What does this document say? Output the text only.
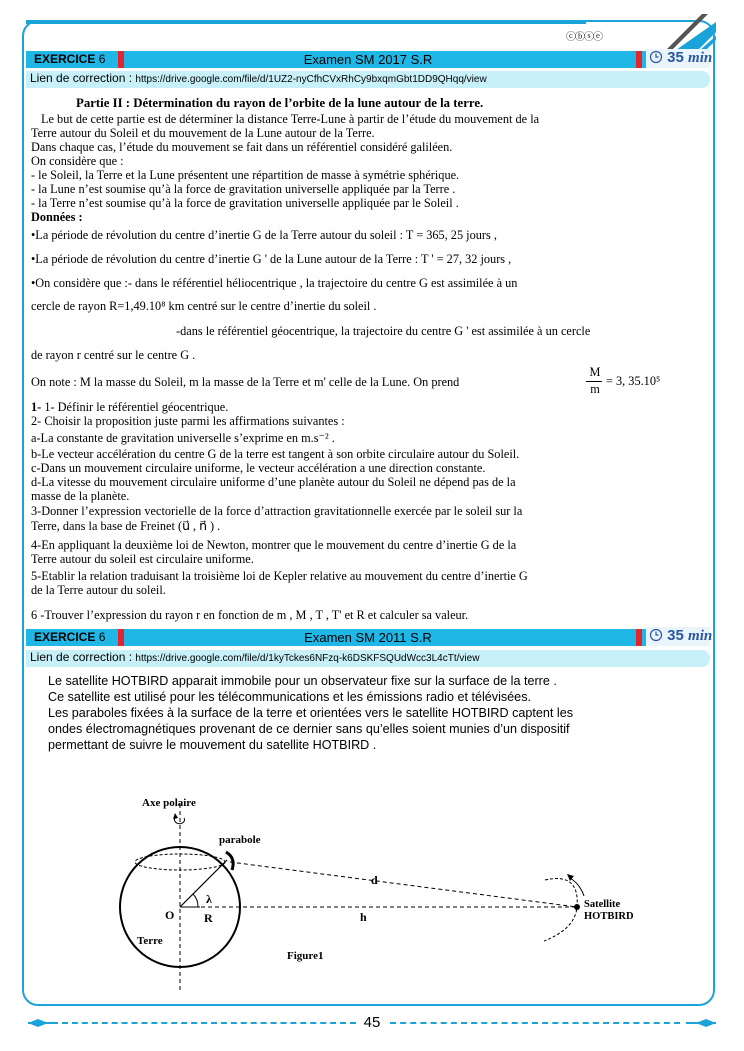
ⓒⓑⓢⓔ
EXERCICE 6	Examen SM 2017 S.R	35 min
Lien de correction : https://drive.google.com/file/d/1UZ2-nyCfhCVxRhCy9bxqmGbt1DD9QHqq/view
Partie II : Détermination du rayon de l’orbite de la lune autour de la terre.
Le but de cette partie est de déterminer la distance Terre-Lune à partir de l’étude du mouvement de la
Terre autour du Soleil et du mouvement de la Lune autour de la Terre.
Dans chaque cas, l’étude du mouvement se fait dans un référentiel considéré galiléen.
On considère que :
- le Soleil, la Terre et la Lune présentent une répartition de masse à symétrie sphérique.
- la Lune n’est soumise qu’à la force de gravitation universelle appliquée par la Terre .
- la Terre n’est soumise qu’à la force de gravitation universelle appliquée par le Soleil .
Données :
•La période de révolution du centre d’inertie G de la Terre autour du soleil : T = 365, 25 jours ,
•La période de révolution du centre d’inertie G ' de la Lune autour de la Terre : T ' = 27, 32 jours ,
•On considère que :- dans le référentiel héliocentrique , la trajectoire du centre G est assimilée à un
cercle de rayon R=1,49.10⁸ km centré sur le centre d’inertie du soleil .
-dans le référentiel géocentrique, la trajectoire du centre G ' est assimilée à un cercle
de rayon r centré sur le centre G .
On note : M la masse du Soleil, m la masse de la Terre et m' celle de la Lune. On prend
M
m
= 3, 35.10⁵
1- 1- Définir le référentiel géocentrique.
2- Choisir la proposition juste parmi les affirmations suivantes :
a-La constante de gravitation universelle s’exprime en m.s⁻² .
b-Le vecteur accélération du centre G de la terre est tangent à son orbite circulaire autour du Soleil.
c-Dans un mouvement circulaire uniforme, le vecteur accélération a une direction constante.
d-La vitesse du mouvement circulaire uniforme d’une planète autour du Soleil ne dépend pas de la
masse de la planète.
3-Donner l’expression vectorielle de la force d’attraction gravitationnelle exercée par le soleil sur la
Terre, dans la base de Freinet (u⃗ , n⃗ ) .
4-En appliquant la deuxième loi de Newton, montrer que le mouvement du centre d’inertie G de la
Terre autour du soleil est circulaire uniforme.
5-Etablir la relation traduisant la troisième loi de Kepler relative au mouvement du centre d’inertie G
de la Terre autour du soleil.
6 -Trouver l’expression du rayon r en fonction de m , M , T , T' et R et calculer sa valeur.
EXERCICE 6	Examen SM 2011 S.R	35 min
Lien de correction : https://drive.google.com/file/d/1kyTckes6NFzq-k6DSKFSQUdWcc3L4cTt/view
Le satellite HOTBIRD apparait immobile pour un observateur fixe sur la surface de la terre .
Ce satellite est utilisé pour les télécommunications et les émissions radio et télévisées.
Les paraboles fixées à la surface de la terre et orientées vers le satellite HOTBIRD captent les
ondes électromagnétiques provenant de ce dernier sans qu’elles soient munies d’un dispositif
permettant de suivre le mouvement du satellite HOTBIRD .
Axe polaire
parabole
λ
O R
Terre
d
h
Satellite
HOTBIRD
Figure1
45
